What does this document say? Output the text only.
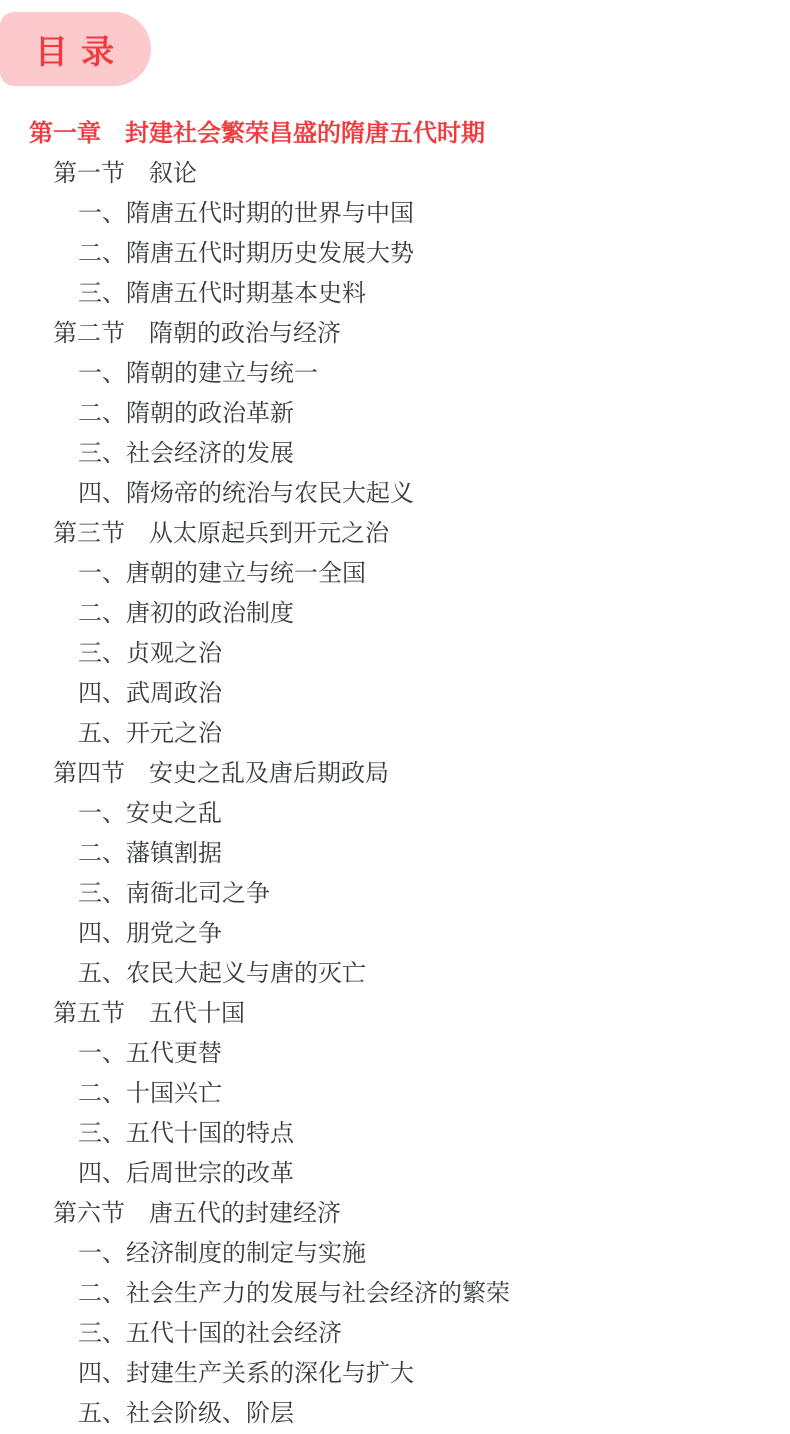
目 录
第一章　封建社会繁荣昌盛的隋唐五代时期
第一节　叙论
一、隋唐五代时期的世界与中国
二、隋唐五代时期历史发展大势
三、隋唐五代时期基本史料
第二节　隋朝的政治与经济
一、隋朝的建立与统一
二、隋朝的政治革新
三、社会经济的发展
四、隋炀帝的统治与农民大起义
第三节　从太原起兵到开元之治
一、唐朝的建立与统一全国
二、唐初的政治制度
三、贞观之治
四、武周政治
五、开元之治
第四节　安史之乱及唐后期政局
一、安史之乱
二、藩镇割据
三、南衙北司之争
四、朋党之争
五、农民大起义与唐的灭亡
第五节　五代十国
一、五代更替
二、十国兴亡
三、五代十国的特点
四、后周世宗的改革
第六节　唐五代的封建经济
一、经济制度的制定与实施
二、社会生产力的发展与社会经济的繁荣
三、五代十国的社会经济
四、封建生产关系的深化与扩大
五、社会阶级、阶层
